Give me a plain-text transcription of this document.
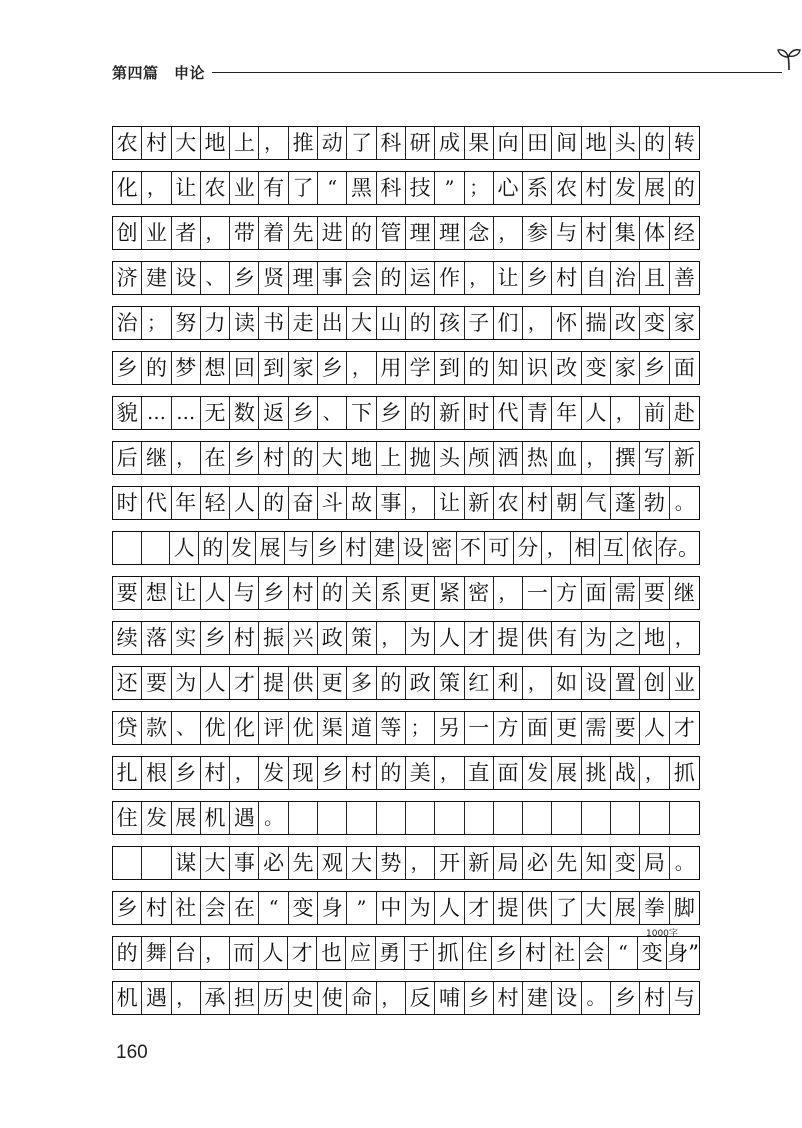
第四篇　申论
农 村 大 地 上 ， 推 动 了 科 研 成 果 向 田 间 地 头 的 转
化 ， 让 农 业 有 了 “ 黑 科 技 ” ； 心 系 农 村 发 展 的
创 业 者 ， 带 着 先 进 的 管 理 理 念 ， 参 与 村 集 体 经
济 建 设 、 乡 贤 理 事 会 的 运 作 ， 让 乡 村 自 治 且 善
治 ； 努 力 读 书 走 出 大 山 的 孩 子 们 ， 怀 揣 改 变 家
乡 的 梦 想 回 到 家 乡 ， 用 学 到 的 知 识 改 变 家 乡 面
貌 … … 无 数 返 乡 、 下 乡 的 新 时 代 青 年 人 ， 前 赴
后 继 ， 在 乡 村 的 大 地 上 抛 头 颅 洒 热 血 ， 撰 写 新
时 代 年 轻 人 的 奋 斗 故 事 ， 让 新 农 村 朝 气 蓬 勃 。
人 的 发 展 与 乡 村 建 设 密 不 可 分 ， 相 互 依 存。
要 想 让 人 与 乡 村 的 关 系 更 紧 密 ， 一 方 面 需 要 继
续 落 实 乡 村 振 兴 政 策 ， 为 人 才 提 供 有 为 之 地 ，
还 要 为 人 才 提 供 更 多 的 政 策 红 利 ， 如 设 置 创 业
贷 款 、 优 化 评 优 渠 道 等 ； 另 一 方 面 更 需 要 人 才
扎 根 乡 村 ， 发 现 乡 村 的 美 ， 直 面 发 展 挑 战 ， 抓
住 发 展 机 遇 。
谋 大 事 必 先 观 大 势 ， 开 新 局 必 先 知 变 局 。
乡 村 社 会 在 “ 变 身 ” 中 为 人 才 提 供 了 大 展 拳 脚
的 舞 台 ， 而 人 才 也 应 勇 于 抓 住 乡 村 社 会 “ 变 身”
机 遇 ， 承 担 历 史 使 命 ， 反 哺 乡 村 建 设 。 乡 村 与
1000字
160
